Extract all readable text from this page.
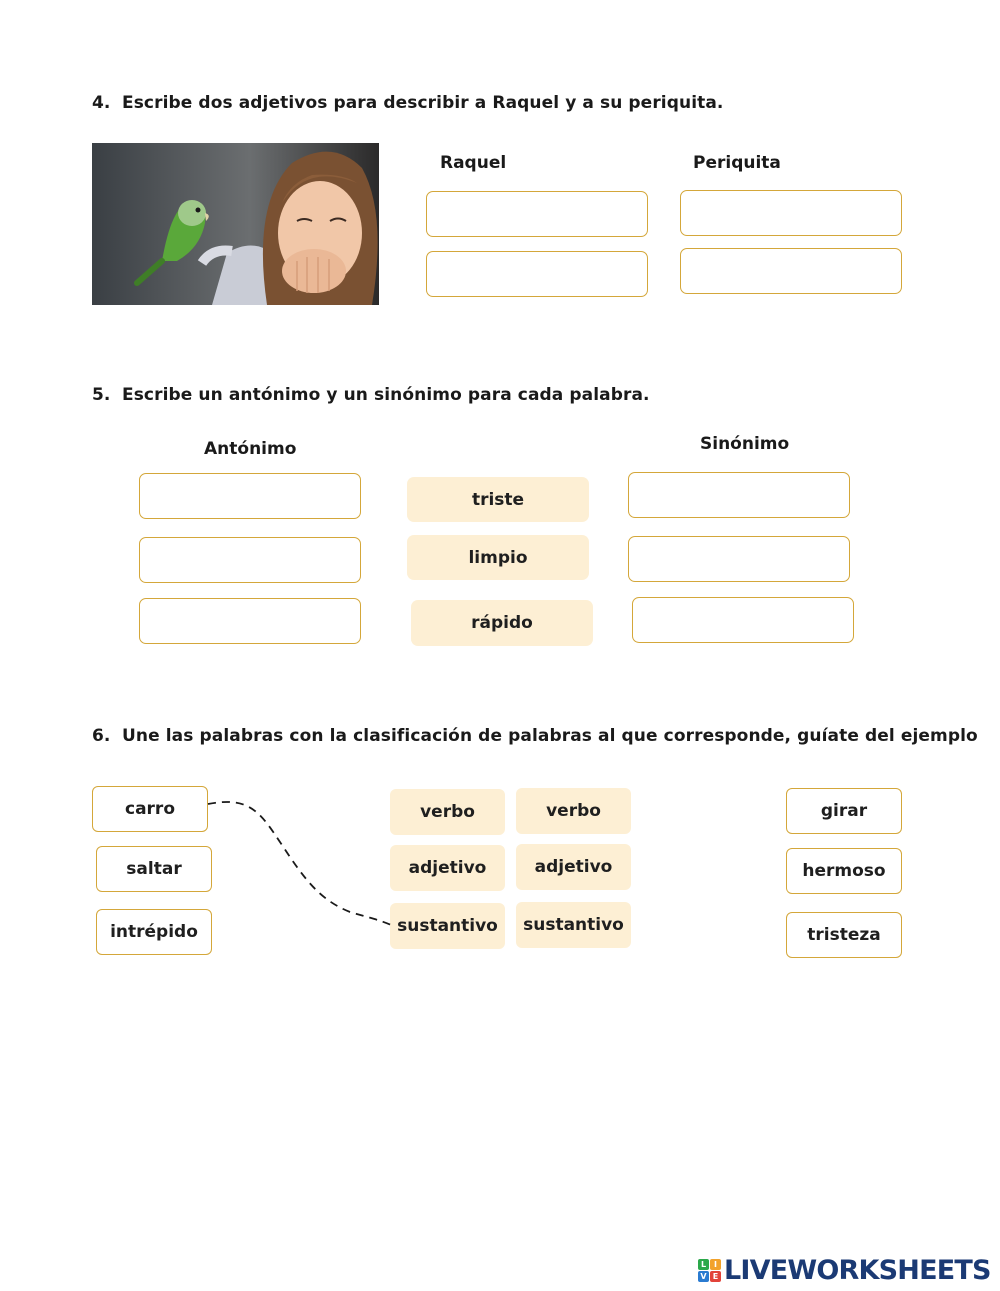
4. Escribe dos adjetivos para describir a Raquel y a su periquita.
Raquel	Periquita
5. Escribe un antónimo y un sinónimo para cada palabra.
Antónimo	Sinónimo
triste
limpio
rápido
6. Une las palabras con la clasificación de palabras al que corresponde, guíate del ejemplo
carro
saltar
intrépido
verbo
adjetivo
sustantivo
verbo
adjetivo
sustantivo
girar
hermoso
tristeza
L I
V E LIVEWORKSHEETS
